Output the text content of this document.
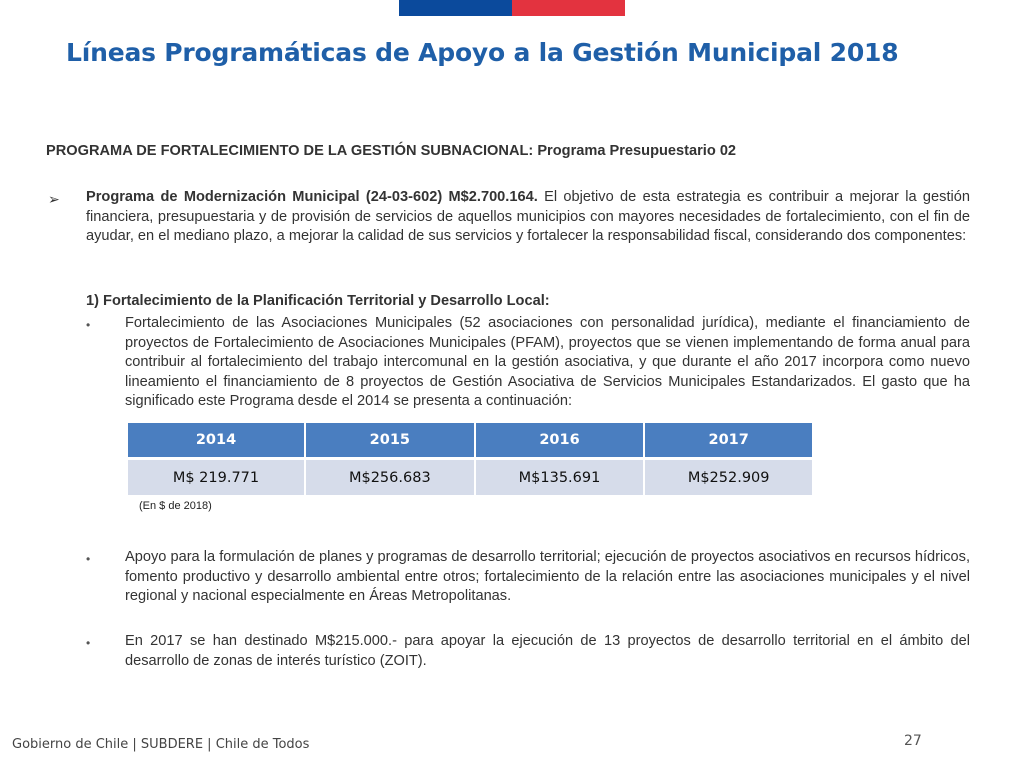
Líneas Programáticas de Apoyo a la Gestión Municipal 2018
PROGRAMA DE FORTALECIMIENTO DE LA GESTIÓN SUBNACIONAL: Programa Presupuestario 02
➢ Programa de Modernización Municipal (24-03-602) M$2.700.164. El objetivo de esta estrategia es contribuir a mejorar la gestión financiera, presupuestaria y de provisión de servicios de aquellos municipios con mayores necesidades de fortalecimiento, con el fin de ayudar, en el mediano plazo, a mejorar la calidad de sus servicios y fortalecer la responsabilidad fiscal, considerando dos componentes:
1) Fortalecimiento de la Planificación Territorial y Desarrollo Local:
• Fortalecimiento de las Asociaciones Municipales (52 asociaciones con personalidad jurídica), mediante el financiamiento de proyectos de Fortalecimiento de Asociaciones Municipales (PFAM), proyectos que se vienen implementando de forma anual para contribuir al fortalecimiento del trabajo intercomunal en la gestión asociativa, y que durante el año 2017 incorpora como nuevo lineamiento el financiamiento de 8 proyectos de Gestión Asociativa de Servicios Municipales Estandarizados. El gasto que ha significado este Programa desde el 2014 se presenta a continuación:
2014	2015	2016	2017
M$ 219.771	M$256.683	M$135.691	M$252.909
(En $ de 2018)
• Apoyo para la formulación de planes y programas de desarrollo territorial; ejecución de proyectos asociativos en recursos hídricos, fomento productivo y desarrollo ambiental entre otros; fortalecimiento de la relación entre las asociaciones municipales y el nivel regional y nacional especialmente en Áreas Metropolitanas.
• En 2017 se han destinado M$215.000.- para apoyar la ejecución de 13 proyectos de desarrollo territorial en el ámbito del desarrollo de zonas de interés turístico (ZOIT).
Gobierno de Chile | SUBDERE | Chile de Todos	27
